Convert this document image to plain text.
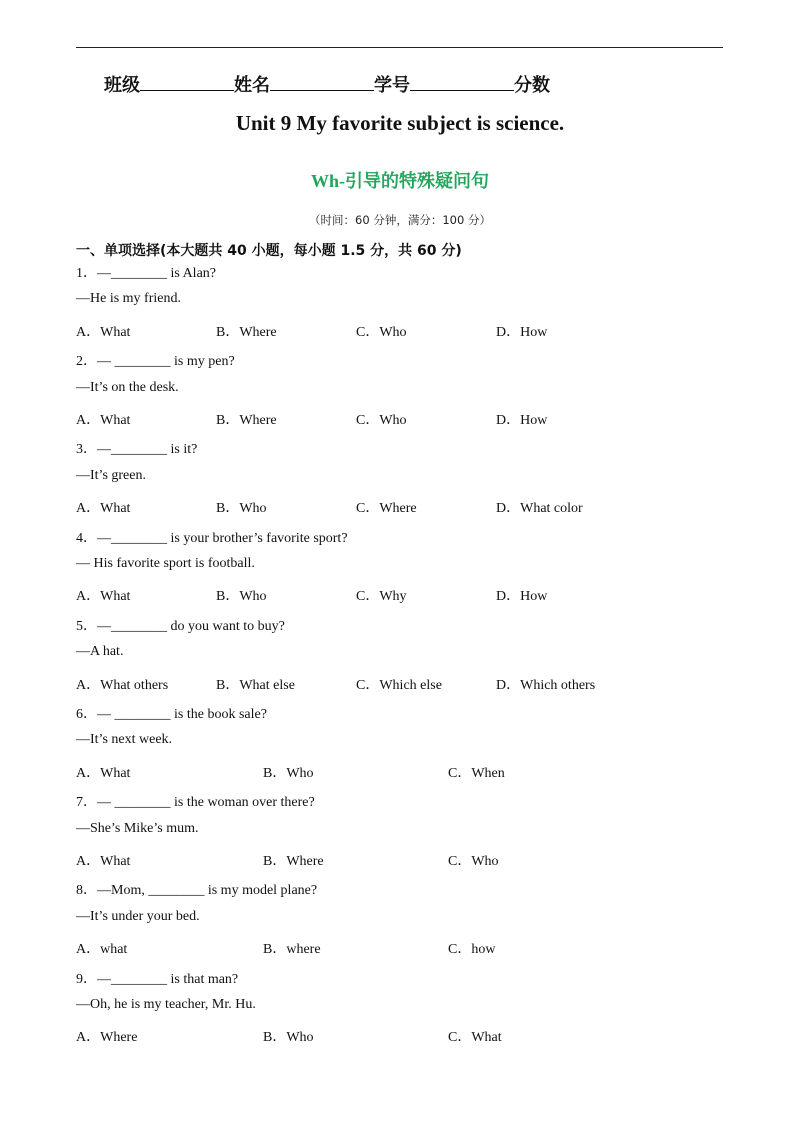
班级	姓名	学号	分数
Unit 9 My favorite subject is science.
Wh-引导的特殊疑问句
（时间：60 分钟，满分：100 分）
一、单项选择(本大题共 40 小题，每小题 1.5 分，共 60 分)
1．—________ is Alan?
—He is my friend.
A．What	B．Where	C．Who	D．How
2．— ________ is my pen?
—It’s on the desk.
A．What	B．Where	C．Who	D．How
3．—________ is it?
—It’s green.
A．What	B．Who	C．Where	D．What color
4．—________ is your brother’s favorite sport?
— His favorite sport is football.
A．What	B．Who	C．Why	D．How
5．—________ do you want to buy?
—A hat.
A．What others	B．What else	C．Which else	D．Which others
6．— ________ is the book sale?
—It’s next week.
A．What	B．Who	C．When
7．— ________ is the woman over there?
—She’s Mike’s mum.
A．What	B．Where	C．Who
8．—Mom, ________ is my model plane?
—It’s under your bed.
A．what	B．where	C．how
9．—________ is that man?
—Oh, he is my teacher, Mr. Hu.
A．Where	B．Who	C．What
